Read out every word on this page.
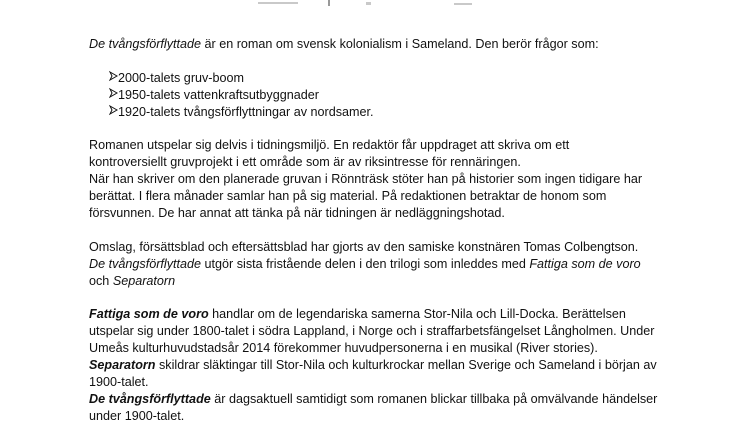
De tvångsförflyttade är en roman om svensk kolonialism i Sameland. Den berör frågor som:

2000-talets gruv-boom
1950-talets vattenkraftsutbyggnader
1920-talets tvångsförflyttningar av nordsamer.
Romanen utspelar sig delvis i tidningsmiljö. En redaktör får uppdraget att skriva om ett
kontroversiellt gruvprojekt i ett område som är av riksintresse för rennäringen.
När han skriver om den planerade gruvan i Rönnträsk stöter han på historier som ingen tidigare har
berättat. I flera månader samlar han på sig material. På redaktionen betraktar de honom som
försvunnen. De har annat att tänka på när tidningen är nedläggningshotad.
Omslag, försättsblad och eftersättsblad har gjorts av den samiske konstnären Tomas Colbengtson.
De tvångsförflyttade utgör sista fristående delen i den trilogi som inleddes med Fattiga som de voro
och Separatorn
Fattiga som de voro handlar om de legendariska samerna Stor-Nila och Lill-Docka. Berättelsen
utspelar sig under 1800-talet i södra Lappland, i Norge och i straffarbetsfängelset Långholmen. Under
Umeås kulturhuvudstadsår 2014 förekommer huvudpersonerna i en musikal (River stories).
Separatorn skildrar släktingar till Stor-Nila och kulturkrockar mellan Sverige och Sameland i början av
1900-talet.
De tvångsförflyttade är dagsaktuell samtidigt som romanen blickar tillbaka på omvälvande händelser
under 1900-talet.
